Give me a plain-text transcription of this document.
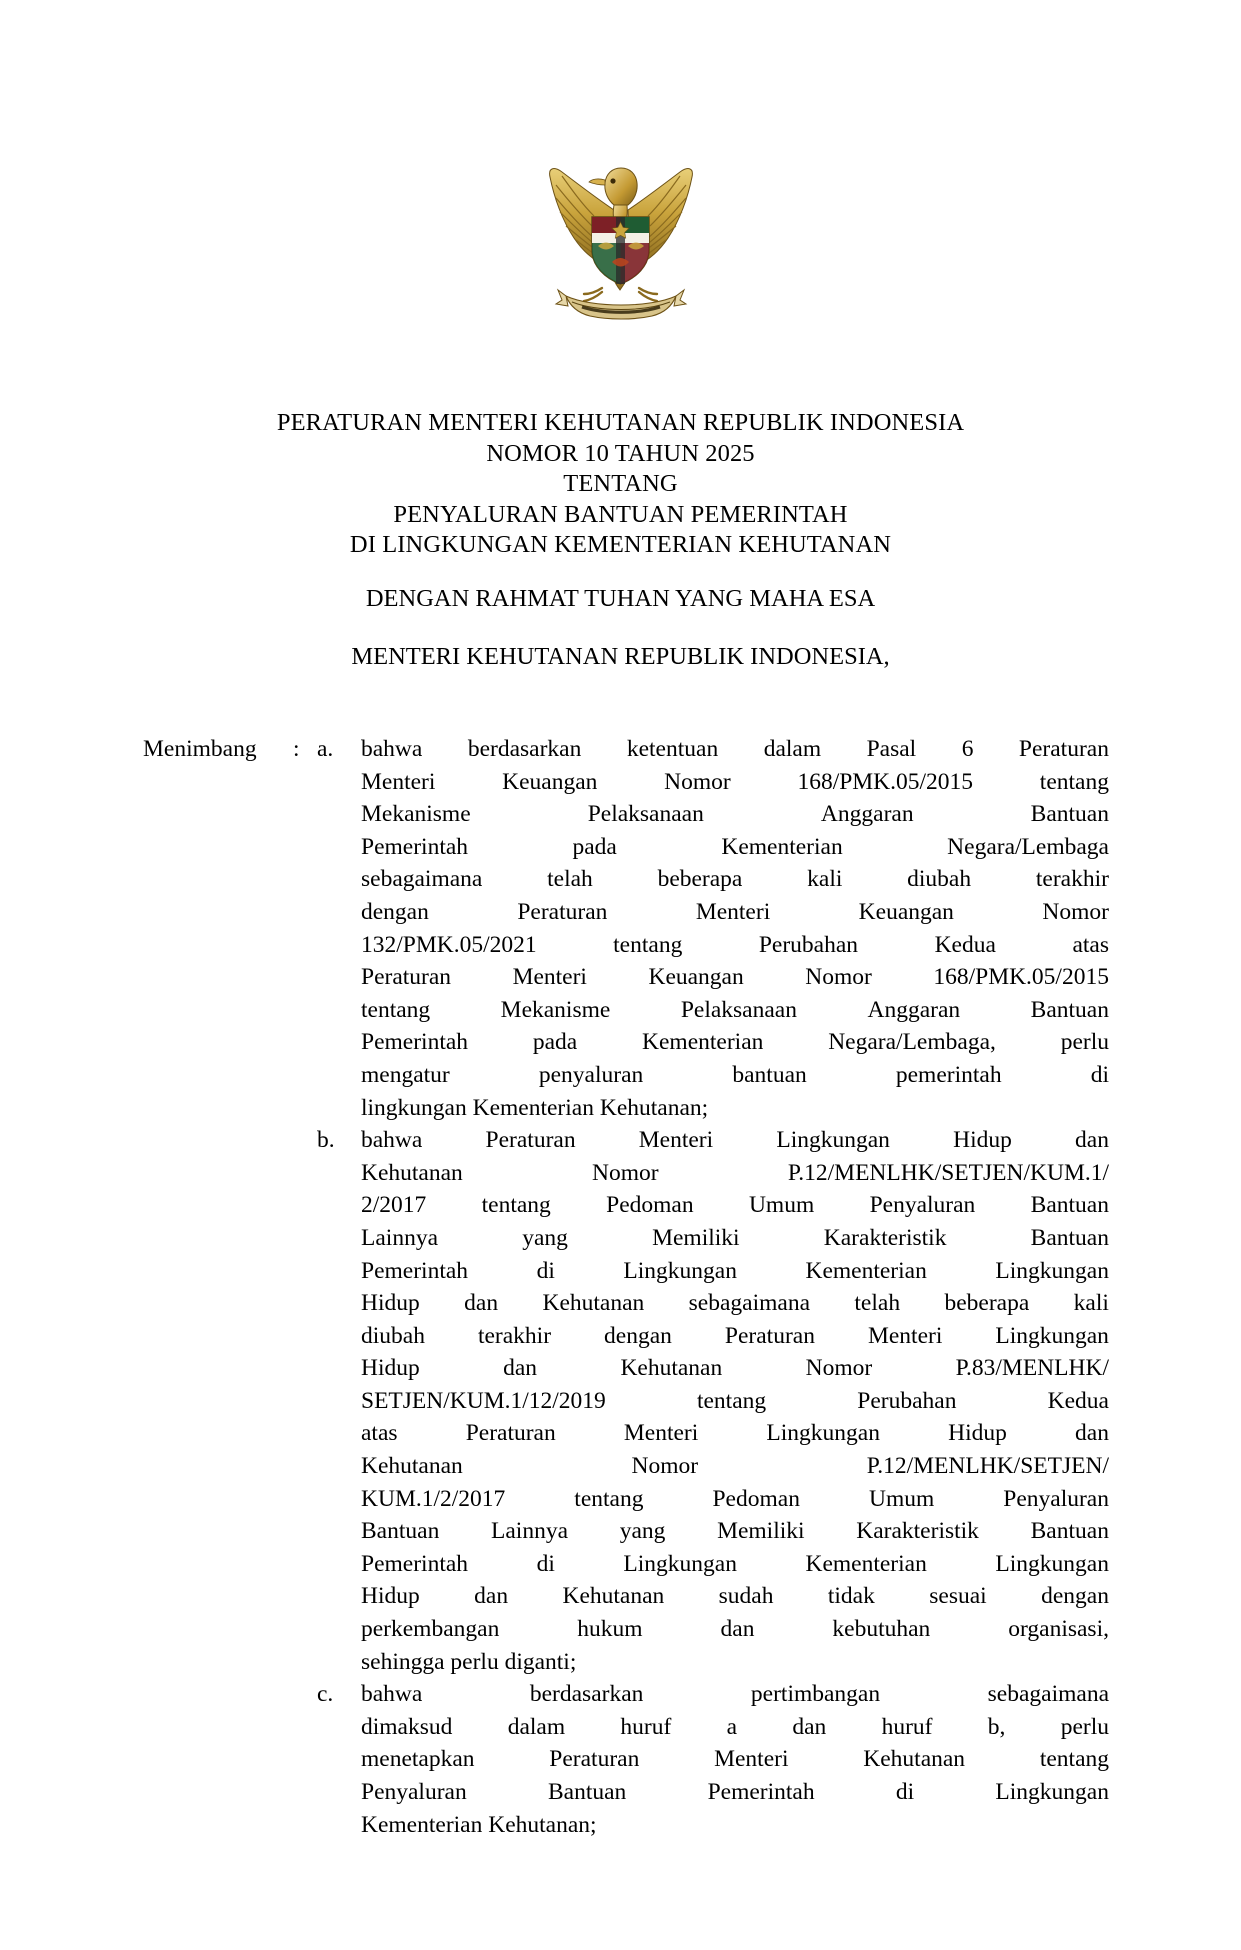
PERATURAN MENTERI KEHUTANAN REPUBLIK INDONESIA
NOMOR 10 TAHUN 2025
TENTANG
PENYALURAN BANTUAN PEMERINTAH
DI LINGKUNGAN KEMENTERIAN KEHUTANAN
DENGAN RAHMAT TUHAN YANG MAHA ESA
MENTERI KEHUTANAN REPUBLIK INDONESIA,
Menimbang	: a.	bahwa berdasarkan ketentuan dalam Pasal 6 Peraturan
Menteri	Keuangan	Nomor	168/PMK.05/2015	tentang
Mekanisme	Pelaksanaan	Anggaran	Bantuan
Pemerintah	pada	Kementerian	Negara/Lembaga
sebagaimana	telah	beberapa	kali	diubah	terakhir
dengan	Peraturan	Menteri	Keuangan	Nomor
132/PMK.05/2021	tentang	Perubahan	Kedua	atas
Peraturan	Menteri	Keuangan	Nomor	168/PMK.05/2015
tentang	Mekanisme	Pelaksanaan	Anggaran	Bantuan
Pemerintah	pada	Kementerian	Negara/Lembaga,	perlu
mengatur	penyaluran	bantuan	pemerintah	di
lingkungan Kementerian Kehutanan;
b.	bahwa	Peraturan	Menteri	Lingkungan	Hidup	dan
Kehutanan	Nomor	P.12/MENLHK/SETJEN/KUM.1/
2/2017 tentang Pedoman Umum Penyaluran Bantuan
Lainnya	yang	Memiliki	Karakteristik	Bantuan
Pemerintah	di	Lingkungan	Kementerian	Lingkungan
Hidup dan Kehutanan sebagaimana telah beberapa kali
diubah terakhir dengan Peraturan Menteri Lingkungan
Hidup	dan	Kehutanan	Nomor	P.83/MENLHK/
SETJEN/KUM.1/12/2019	tentang	Perubahan	Kedua
atas	Peraturan	Menteri	Lingkungan	Hidup	dan
Kehutanan	Nomor	P.12/MENLHK/SETJEN/
KUM.1/2/2017	tentang	Pedoman	Umum	Penyaluran
Bantuan Lainnya yang Memiliki Karakteristik Bantuan
Pemerintah	di	Lingkungan	Kementerian	Lingkungan
Hidup dan Kehutanan sudah tidak sesuai dengan
perkembangan	hukum	dan	kebutuhan	organisasi,
sehingga perlu diganti;
c.	bahwa	berdasarkan	pertimbangan	sebagaimana
dimaksud dalam huruf a dan huruf b, perlu
menetapkan	Peraturan	Menteri	Kehutanan	tentang
Penyaluran	Bantuan	Pemerintah	di	Lingkungan
Kementerian Kehutanan;
